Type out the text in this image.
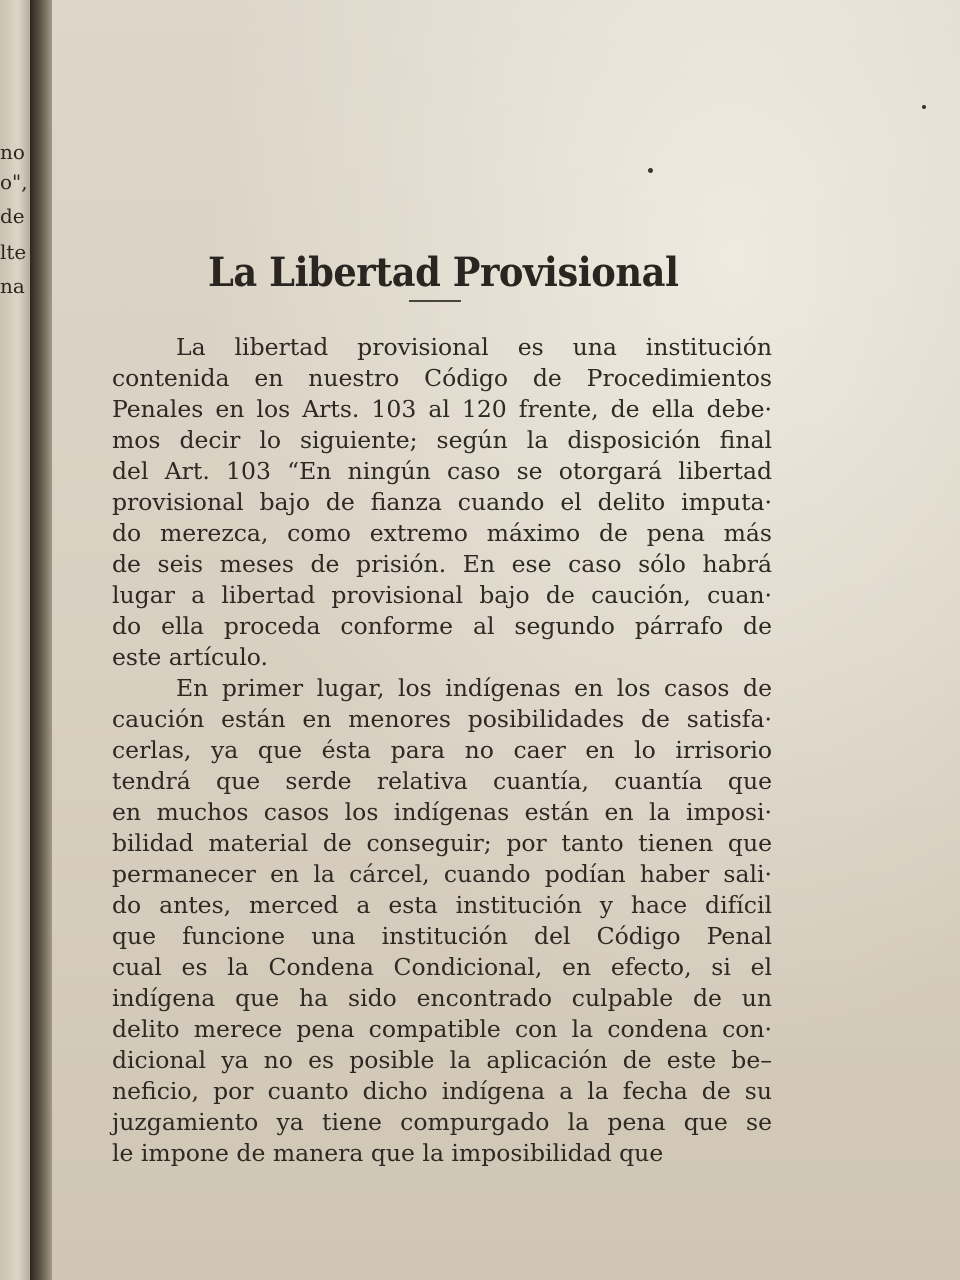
no
o",
de
lte
na	La Libertad Provisional
La libertad provisional es una institución
contenida en nuestro Código de Procedimientos
Penales en los Arts. 103 al 120 frente, de ella debe·
mos decir lo siguiente; según la disposición final
del Art. 103 “En ningún caso se otorgará libertad
provisional bajo de fianza cuando el delito imputa·
do merezca, como extremo máximo de pena más
de seis meses de prisión. En ese caso sólo habrá
lugar a libertad provisional bajo de caución, cuan·
do ella proceda conforme al segundo párrafo de
este artículo.
En primer lugar, los indígenas en los casos de
caución están en menores posibilidades de satisfa·
cerlas, ya que ésta para no caer en lo irrisorio
tendrá que serde relativa cuantía, cuantía que
en muchos casos los indígenas están en la imposi·
bilidad material de conseguir; por tanto tienen que
permanecer en la cárcel, cuando podían haber sali·
do antes, merced a esta institución y hace difícil
que funcione una institución del Código Penal
cual es la Condena Condicional, en efecto, si el
indígena que ha sido encontrado culpable de un
delito merece pena compatible con la condena con·
dicional ya no es posible la aplicación de este be–
neficio, por cuanto dicho indígena a la fecha de su
juzgamiento ya tiene compurgado la pena que se
le impone de manera que la imposibilidad que
